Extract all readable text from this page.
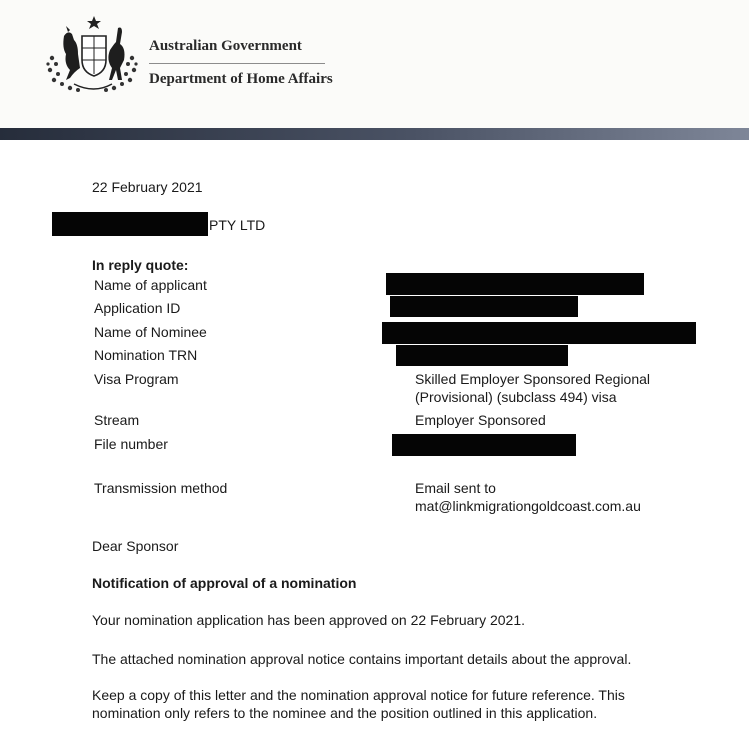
Australian Government

Department of Home Affairs

22 February 2021

PTY LTD

In reply quote:

Name of applicant

Application ID

Name of Nominee

Nomination TRN

Visa Program	Skilled Employer Sponsored Regional

(Provisional) (subclass 494) visa

Stream	Employer Sponsored

File number

Transmission method	Email sent to

mat@linkmigrationgoldcoast.com.au

Dear Sponsor

Notification of approval of a nomination

Your nomination application has been approved on 22 February 2021.

The attached nomination approval notice contains important details about the approval.

Keep a copy of this letter and the nomination approval notice for future reference. This

nomination only refers to the nominee and the position outlined in this application.
